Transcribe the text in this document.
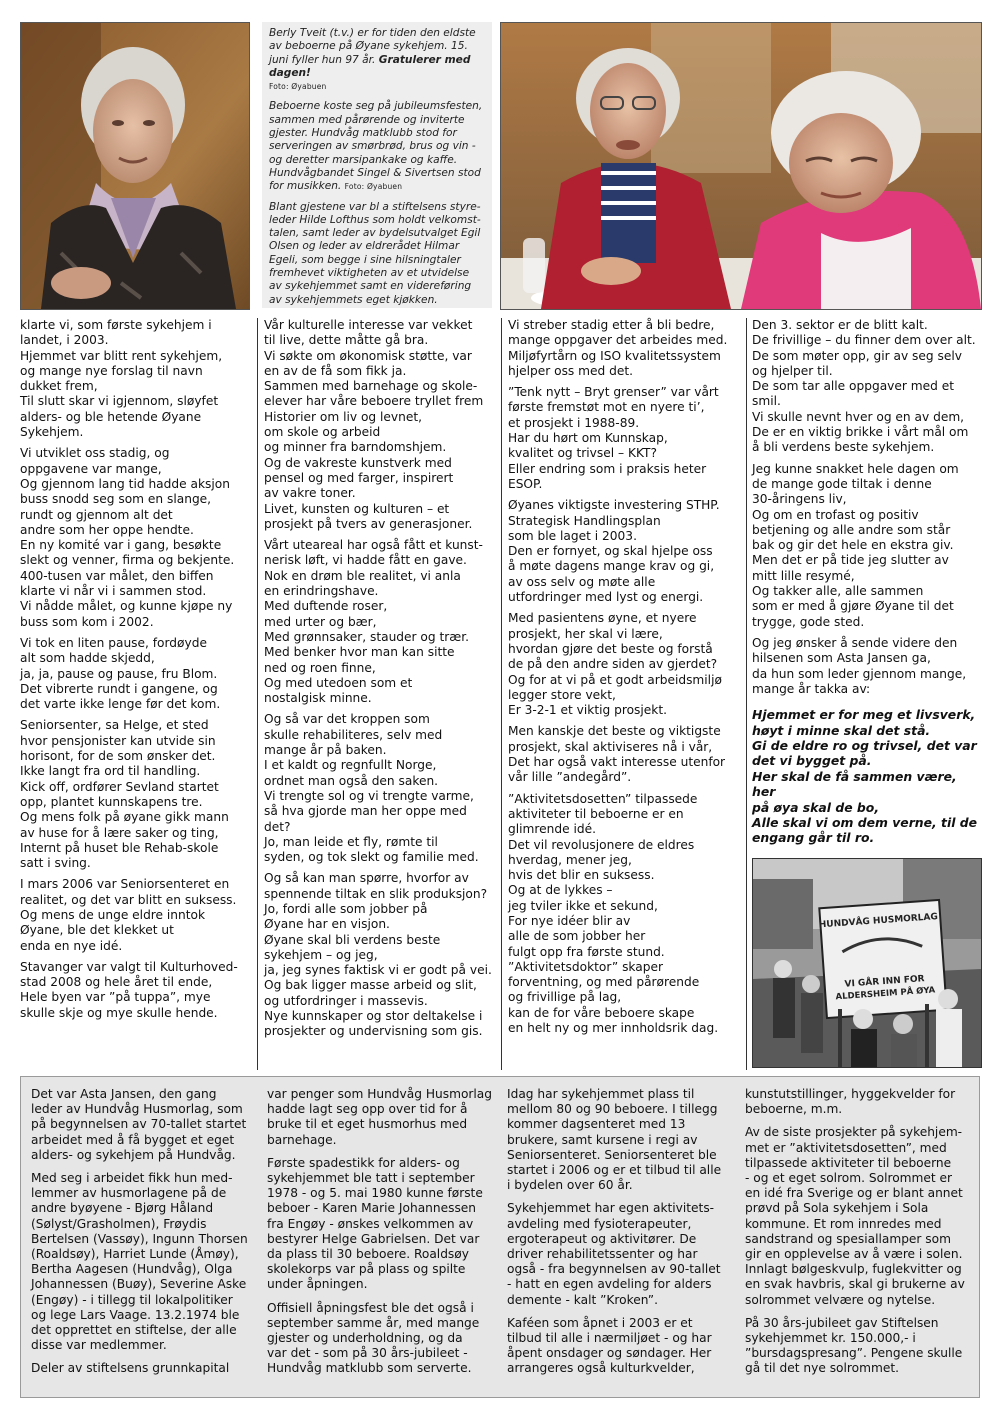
Berly Tveit (t.v.) er for tiden den eldste av beboerne på Øyane sykehjem. 15. juni fyller hun 97 år. Gratulerer med dagen!
Foto: Øyabuen

Beboerne koste seg på jubileumsfesten, sammen med pårørende og inviterte gjester. Hundvåg matklubb stod for serveringen av smørbrød, brus og vin - og deretter marsipankake og kaffe. Hundvågbandet Singel & Sivertsen stod for musikken. Foto: Øyabuen

Blant gjestene var bl a stiftelsens styre-leder Hilde Lofthus som holdt velkomst-talen, samt leder av bydelsutvalget Egil Olsen og leder av eldrerådet Hilmar Egeli, som begge i sine hilsningtaler fremhevet viktigheten av et utvidelse av sykehjemmet samt en videreføring av sykehjemmets eget kjøkken.

klarte vi, som første sykehjem i
landet, i 2003.
Hjemmet var blitt rent sykehjem,
og mange nye forslag til navn
dukket frem,
Til slutt skar vi igjennom, sløyfet
alders- og ble hetende Øyane
Sykehjem.

Vi utviklet oss stadig, og
oppgavene var mange,
Og gjennom lang tid hadde aksjon
buss snodd seg som en slange,
rundt og gjennom alt det
andre som her oppe hendte.
En ny komité var i gang, besøkte
slekt og venner, firma og bekjente.
400-tusen var målet, den biffen
klarte vi når vi i sammen stod.
Vi nådde målet, og kunne kjøpe ny
buss som kom i 2002.

Vi tok en liten pause, fordøyde
alt som hadde skjedd,
ja, ja, pause og pause, fru Blom.
Det vibrerte rundt i gangene, og
det varte ikke lenge før det kom.

Seniorsenter, sa Helge, et sted
hvor pensjonister kan utvide sin
horisont, for de som ønsker det.
Ikke langt fra ord til handling.
Kick off, ordfører Sevland startet
opp, plantet kunnskapens tre.
Og mens folk på øyane gikk mann
av huse for å lære saker og ting,
Internt på huset ble Rehab-skole
satt i sving.

I mars 2006 var Seniorsenteret en
realitet, og det var blitt en suksess.
Og mens de unge eldre inntok
Øyane, ble det klekket ut
enda en nye idé.

Stavanger var valgt til Kulturhoved-
stad 2008 og hele året til ende,
Hele byen var ”på tuppa”, mye
skulle skje og mye skulle hende.

Vår kulturelle interesse var vekket
til live, dette måtte gå bra.
Vi søkte om økonomisk støtte, var
en av de få som fikk ja.
Sammen med barnehage og skole-
elever har våre beboere tryllet frem
Historier om liv og levnet,
om skole og arbeid
og minner fra barndomshjem.
Og de vakreste kunstverk med
pensel og med farger, inspirert
av vakre toner.
Livet, kunsten og kulturen – et
prosjekt på tvers av generasjoner.

Vårt uteareal har også fått et kunst-
nerisk løft, vi hadde fått en gave.
Nok en drøm ble realitet, vi anla
en erindringshave.
Med duftende roser,
med urter og bær,
Med grønnsaker, stauder og trær.
Med benker hvor man kan sitte
ned og roen finne,
Og med utedoen som et
nostalgisk minne.

Og så var det kroppen som
skulle rehabiliteres, selv med
mange år på baken.
I et kaldt og regnfullt Norge,
ordnet man også den saken.
Vi trengte sol og vi trengte varme,
så hva gjorde man her oppe med det?
Jo, man leide et fly, rømte til
syden, og tok slekt og familie med.

Og så kan man spørre, hvorfor av
spennende tiltak en slik produksjon?
Jo, fordi alle som jobber på
Øyane har en visjon.
Øyane skal bli verdens beste
sykehjem – og jeg,
ja, jeg synes faktisk vi er godt på vei.
Og bak ligger masse arbeid og slit,
og utfordringer i massevis.
Nye kunnskaper og stor deltakelse i
prosjekter og undervisning som gis.

Vi streber stadig etter å bli bedre,
mange oppgaver det arbeides med.
Miljøfyrtårn og ISO kvalitetssystem
hjelper oss med det.

”Tenk nytt – Bryt grenser” var vårt
første fremstøt mot en nyere ti’,
et prosjekt i 1988-89.
Har du hørt om Kunnskap,
kvalitet og trivsel – KKT?
Eller endring som i praksis heter ESOP.

Øyanes viktigste investering STHP.
Strategisk Handlingsplan
som ble laget i 2003.
Den er fornyet, og skal hjelpe oss
å møte dagens mange krav og gi,
av oss selv og møte alle
utfordringer med lyst og energi.

Med pasientens øyne, et nyere
prosjekt, her skal vi lære,
hvordan gjøre det beste og forstå
de på den andre siden av gjerdet?
Og for at vi på et godt arbeidsmiljø
legger store vekt,
Er 3-2-1 et viktig prosjekt.

Men kanskje det beste og viktigste
prosjekt, skal aktiviseres nå i vår,
Det har også vakt interesse utenfor
vår lille ”andegård”.

”Aktivitetsdosetten” tilpassede
aktiviteter til beboerne er en
glimrende idé.
Det vil revolusjonere de eldres
hverdag, mener jeg,
hvis det blir en suksess.
Og at de lykkes –
jeg tviler ikke et sekund,
For nye idéer blir av
alle de som jobber her
fulgt opp fra første stund.
”Aktivitetsdoktor” skaper
forventning, og med pårørende
og frivillige på lag,
kan de for våre beboere skape
en helt ny og mer innholdsrik dag.

Den 3. sektor er de blitt kalt.
De frivillige – du finner dem over alt.
De som møter opp, gir av seg selv
og hjelper til.
De som tar alle oppgaver med et smil.
Vi skulle nevnt hver og en av dem,
De er en viktig brikke i vårt mål om
å bli verdens beste sykehjem.

Jeg kunne snakket hele dagen om
de mange gode tiltak i denne
30-åringens liv,
Og om en trofast og positiv
betjening og alle andre som står
bak og gir det hele en ekstra giv.
Men det er på tide jeg slutter av
mitt lille resymé,
Og takker alle, alle sammen
som er med å gjøre Øyane til det
trygge, gode sted.

Og jeg ønsker å sende videre den
hilsenen som Asta Jansen ga,
da hun som leder gjennom mange,
mange år takka av:

Hjemmet er for meg et livsverk,
høyt i minne skal det stå.
Gi de eldre ro og trivsel, det var
det vi bygget på.
Her skal de få sammen være, her
på øya skal de bo,
Alle skal vi om dem verne, til de
engang går til ro.

HUNDVÅG HUSMORLAG
VI GÅR INN FOR
ALDERSHEIM PÅ ØYA

Det var Asta Jansen, den gang
leder av Hundvåg Husmorlag, som
på begynnelsen av 70-tallet startet
arbeidet med å få bygget et eget
alders- og sykehjem på Hundvåg.

Med seg i arbeidet fikk hun med-
lemmer av husmorlagene på de
andre byøyene - Bjørg Håland
(Sølyst/Grasholmen), Frøydis
Bertelsen (Vassøy), Ingunn Thorsen
(Roaldsøy), Harriet Lunde (Åmøy),
Bertha Aagesen (Hundvåg), Olga
Johannessen (Buøy), Severine Aske
(Engøy) - i tillegg til lokalpolitiker
og lege Lars Vaage. 13.2.1974 ble
det opprettet en stiftelse, der alle
disse var medlemmer.

Deler av stiftelsens grunnkapital

var penger som Hundvåg Husmorlag
hadde lagt seg opp over tid for å
bruke til et eget husmorhus med
barnehage.

Første spadestikk for alders- og
sykehjemmet ble tatt i september
1978 - og 5. mai 1980 kunne første
beboer - Karen Marie Johannessen
fra Engøy - ønskes velkommen av
bestyrer Helge Gabrielsen. Det var
da plass til 30 beboere. Roaldsøy
skolekorps var på plass og spilte
under åpningen.

Offisiell åpningsfest ble det også i
september samme år, med mange
gjester og underholdning, og da
var det - som på 30 års-jubileet -
Hundvåg matklubb som serverte.

Idag har sykehjemmet plass til
mellom 80 og 90 beboere. I tillegg
kommer dagsenteret med 13
brukere, samt kursene i regi av
Seniorsenteret. Seniorsenteret ble
startet i 2006 og er et tilbud til alle
i bydelen over 60 år.

Sykehjemmet har egen aktivitets-
avdeling med fysioterapeuter,
ergoterapeut og aktivitører. De
driver rehabilitetssenter og har
også - fra begynnelsen av 90-tallet
- hatt en egen avdeling for alders
demente - kalt ”Kroken”.

Kaféen som åpnet i 2003 er et
tilbud til alle i nærmiljøet - og har
åpent onsdager og søndager. Her
arrangeres også kulturkvelder,

kunstutstillinger, hyggekvelder for
beboerne, m.m.

Av de siste prosjekter på sykehjem-
met er ”aktivitetsdosetten”, med
tilpassede aktiviteter til beboerne
- og et eget solrom. Solrommet er
en idé fra Sverige og er blant annet
prøvd på Sola sykehjem i Sola
kommune. Et rom innredes med
sandstrand og spesiallamper som
gir en opplevelse av å være i solen.
Innlagt bølgeskvulp, fuglekvitter og
en svak havbris, skal gi brukerne av
solrommet velvære og nytelse.

På 30 års-jubileet gav Stiftelsen
sykehjemmet kr. 150.000,- i
”bursdagspresang”. Pengene skulle
gå til det nye solrommet.
